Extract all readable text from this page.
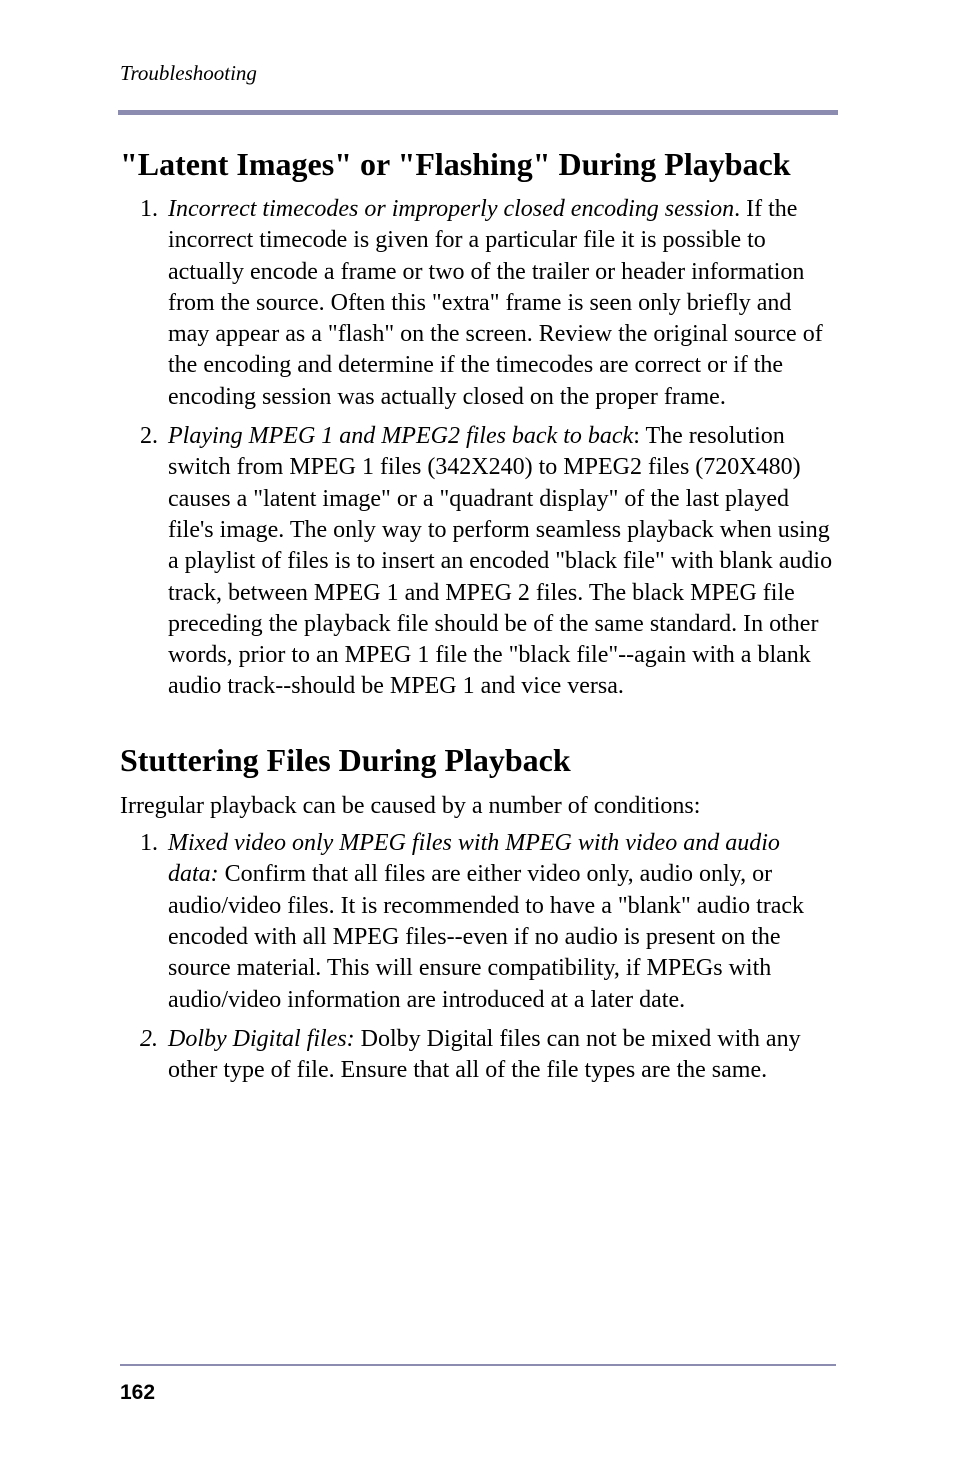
Troubleshooting
"Latent Images" or "Flashing" During Playback
1. Incorrect timecodes or improperly closed encoding session. If the incorrect timecode is given for a particular file it is possible to actually encode a frame or two of the trailer or header information from the source. Often this "extra" frame is seen only briefly and may appear as a "flash" on the screen. Review the original source of the encoding and determine if the timecodes are correct or if the encoding session was actually closed on the proper frame.
2. Playing MPEG 1 and MPEG2 files back to back: The resolution switch from MPEG 1 files (342X240) to MPEG2 files (720X480) causes a "latent image" or a "quadrant display" of the last played file's image. The only way to perform seamless playback when using a playlist of files is to insert an encoded "black file" with blank audio track, between MPEG 1 and MPEG 2 files. The black MPEG file preceding the playback file should be of the same standard. In other words, prior to an MPEG 1 file the "black file"--again with a blank audio track--should be MPEG 1 and vice versa.
Stuttering Files During Playback

Irregular playback can be caused by a number of conditions:

1. Mixed video only MPEG files with MPEG with video and audio data: Confirm that all files are either video only, audio only, or audio/video files. It is recommended to have a "blank" audio track encoded with all MPEG files--even if no audio is present on the source material. This will ensure compatibility, if MPEGs with audio/video information are introduced at a later date.
2. Dolby Digital files: Dolby Digital files can not be mixed with any other type of file. Ensure that all of the file types are the same.
162
